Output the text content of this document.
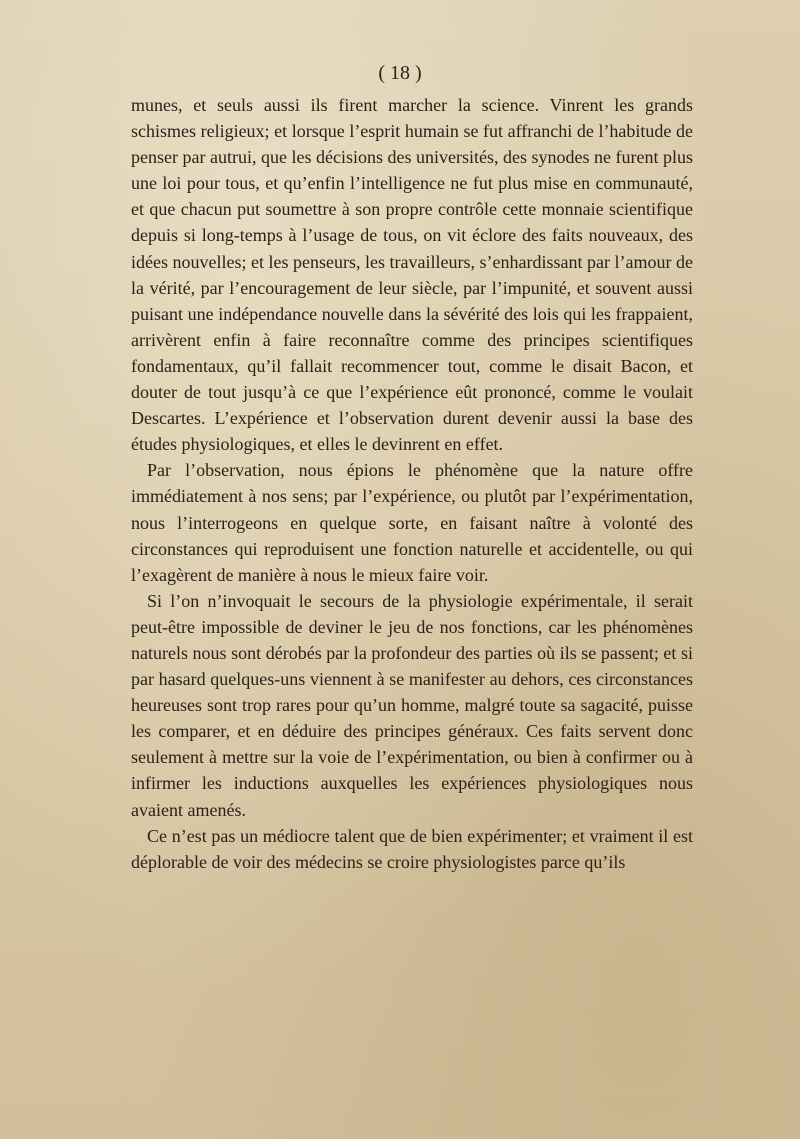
( 18 )

munes, et seuls aussi ils firent marcher la science. Vinrent les grands schismes religieux; et lorsque l’esprit humain se fut affranchi de l’habitude de penser par autrui, que les décisions des universités, des synodes ne furent plus une loi pour tous, et qu’enfin l’intelligence ne fut plus mise en communauté, et que chacun put soumettre à son propre contrôle cette monnaie scientifique depuis si long-temps à l’usage de tous, on vit éclore des faits nouveaux, des idées nouvelles; et les penseurs, les travailleurs, s’enhardissant par l’amour de la vérité, par l’encouragement de leur siècle, par l’impunité, et souvent aussi puisant une indépendance nouvelle dans la sévérité des lois qui les frappaient, arrivèrent enfin à faire reconnaître comme des principes scientifiques fondamentaux, qu’il fallait recommencer tout, comme le disait Bacon, et douter de tout jusqu’à ce que l’expérience eût prononcé, comme le voulait Descartes. L’expérience et l’observation durent devenir aussi la base des études physiologiques, et elles le devinrent en effet.

Par l’observation, nous épions le phénomène que la nature offre immédiatement à nos sens; par l’expérience, ou plutôt par l’expérimentation, nous l’interrogeons en quelque sorte, en faisant naître à volonté des circonstances qui reproduisent une fonction naturelle et accidentelle, ou qui l’exagèrent de manière à nous le mieux faire voir.

Si l’on n’invoquait le secours de la physiologie expérimentale, il serait peut-être impossible de deviner le jeu de nos fonctions, car les phénomènes naturels nous sont dérobés par la profondeur des parties où ils se passent; et si par hasard quelques-uns viennent à se manifester au dehors, ces circonstances heureuses sont trop rares pour qu’un homme, malgré toute sa sagacité, puisse les comparer, et en déduire des principes généraux. Ces faits servent donc seulement à mettre sur la voie de l’expérimentation, ou bien à confirmer ou à infirmer les inductions auxquelles les expériences physiologiques nous avaient amenés.

Ce n’est pas un médiocre talent que de bien expérimenter; et vraiment il est déplorable de voir des médecins se croire physiologistes parce qu’ils
